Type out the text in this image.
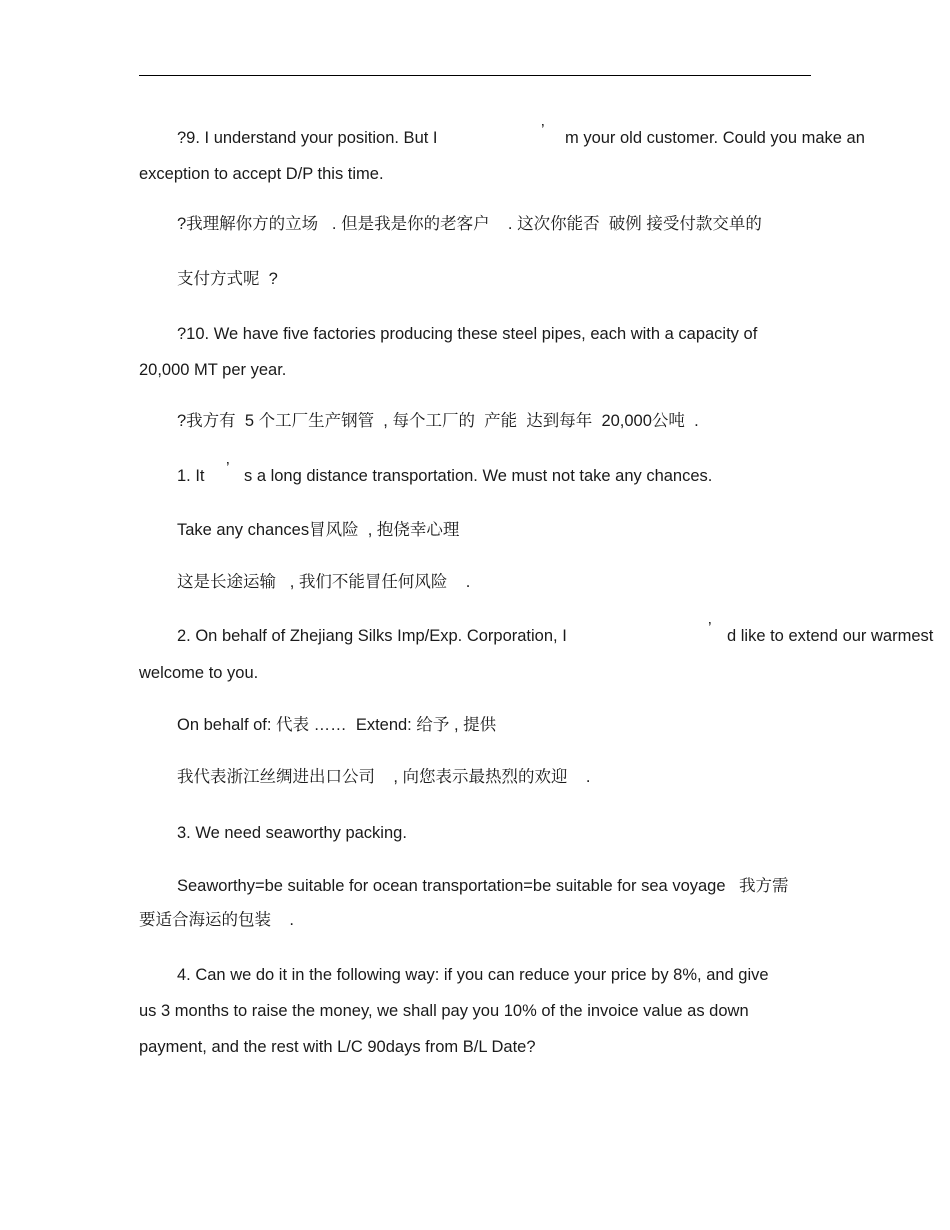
?9. I understand your position. But I	’ m your old customer. Could you make an
exception to accept D/P this time.
?我理解你方的立场   . 但是我是你的老客户    . 这次你能否  破例 接受付款交单的
支付方式呢  ?
?10. We have five factories producing these steel pipes, each with a capacity of
20,000 MT per year.
?我方有  5 个工厂生产钢管  , 每个工厂的  产能  达到每年  20,000公吨  .
1. It ’ s a long distance transportation. We must not take any chances.
Take any chances冒风险  , 抱侥幸心理
这是长途运输   , 我们不能冒任何风险    .
2. On behalf of Zhejiang Silks Imp/Exp. Corporation, I	’ d like to extend our warmest
welcome to you.
On behalf of: 代表 ……  Extend: 给予 , 提供
我代表浙江丝绸进出口公司    , 向您表示最热烈的欢迎    .
3. We need seaworthy packing.
Seaworthy=be suitable for ocean transportation=be suitable for sea voyage 我方需
要适合海运的包装    .
4. Can we do it in the following way: if you can reduce your price by 8%, and give
us 3 months to raise the money, we shall pay you 10% of the invoice value as down
payment, and the rest with L/C 90days from B/L Date?
